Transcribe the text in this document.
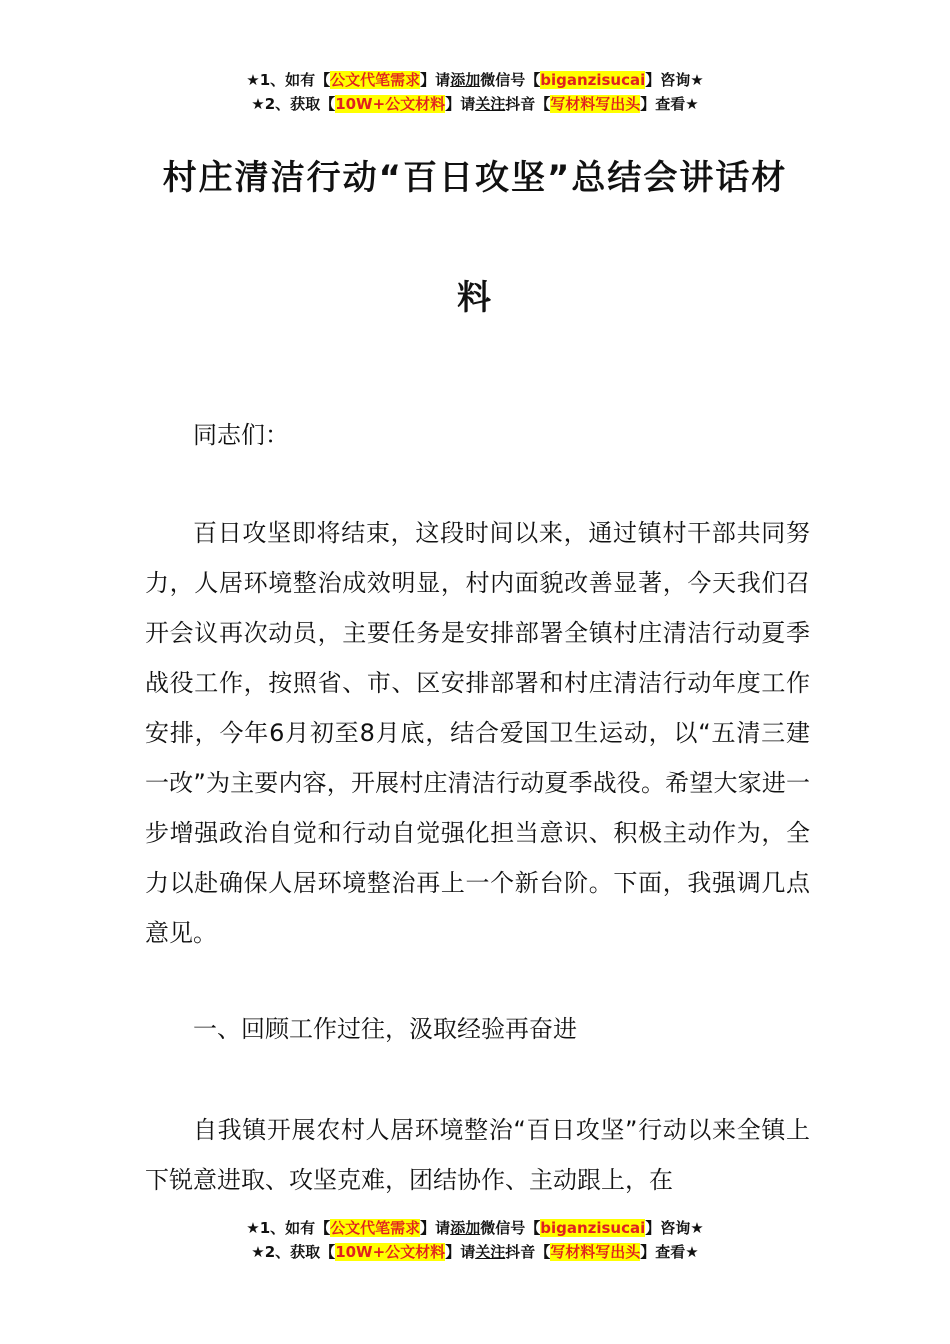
★1、如有【公文代笔需求】请添加微信号【biganzisucai】咨询★
★2、获取【10W+公文材料】请关注抖音【写材料写出头】查看★
村庄清洁行动“百日攻坚”总结会讲话材
料

同志们：

百日攻坚即将结束，这段时间以来，通过镇村干部共同努力，人居环境整治成效明显，村内面貌改善显著，今天我们召开会议再次动员，主要任务是安排部署全镇村庄清洁行动夏季战役工作，按照省、市、区安排部署和村庄清洁行动年度工作安排，今年6月初至8月底，结合爱国卫生运动，以“五清三建一改”为主要内容，开展村庄清洁行动夏季战役。希望大家进一步增强政治自觉和行动自觉强化担当意识、积极主动作为，全力以赴确保人居环境整治再上一个新台阶。下面，我强调几点意见。

一、回顾工作过往，汲取经验再奋进

自我镇开展农村人居环境整治“百日攻坚”行动以来全镇上下锐意进取、攻坚克难，团结协作、主动跟上，在

★1、如有【公文代笔需求】请添加微信号【biganzisucai】咨询★
★2、获取【10W+公文材料】请关注抖音【写材料写出头】查看★
